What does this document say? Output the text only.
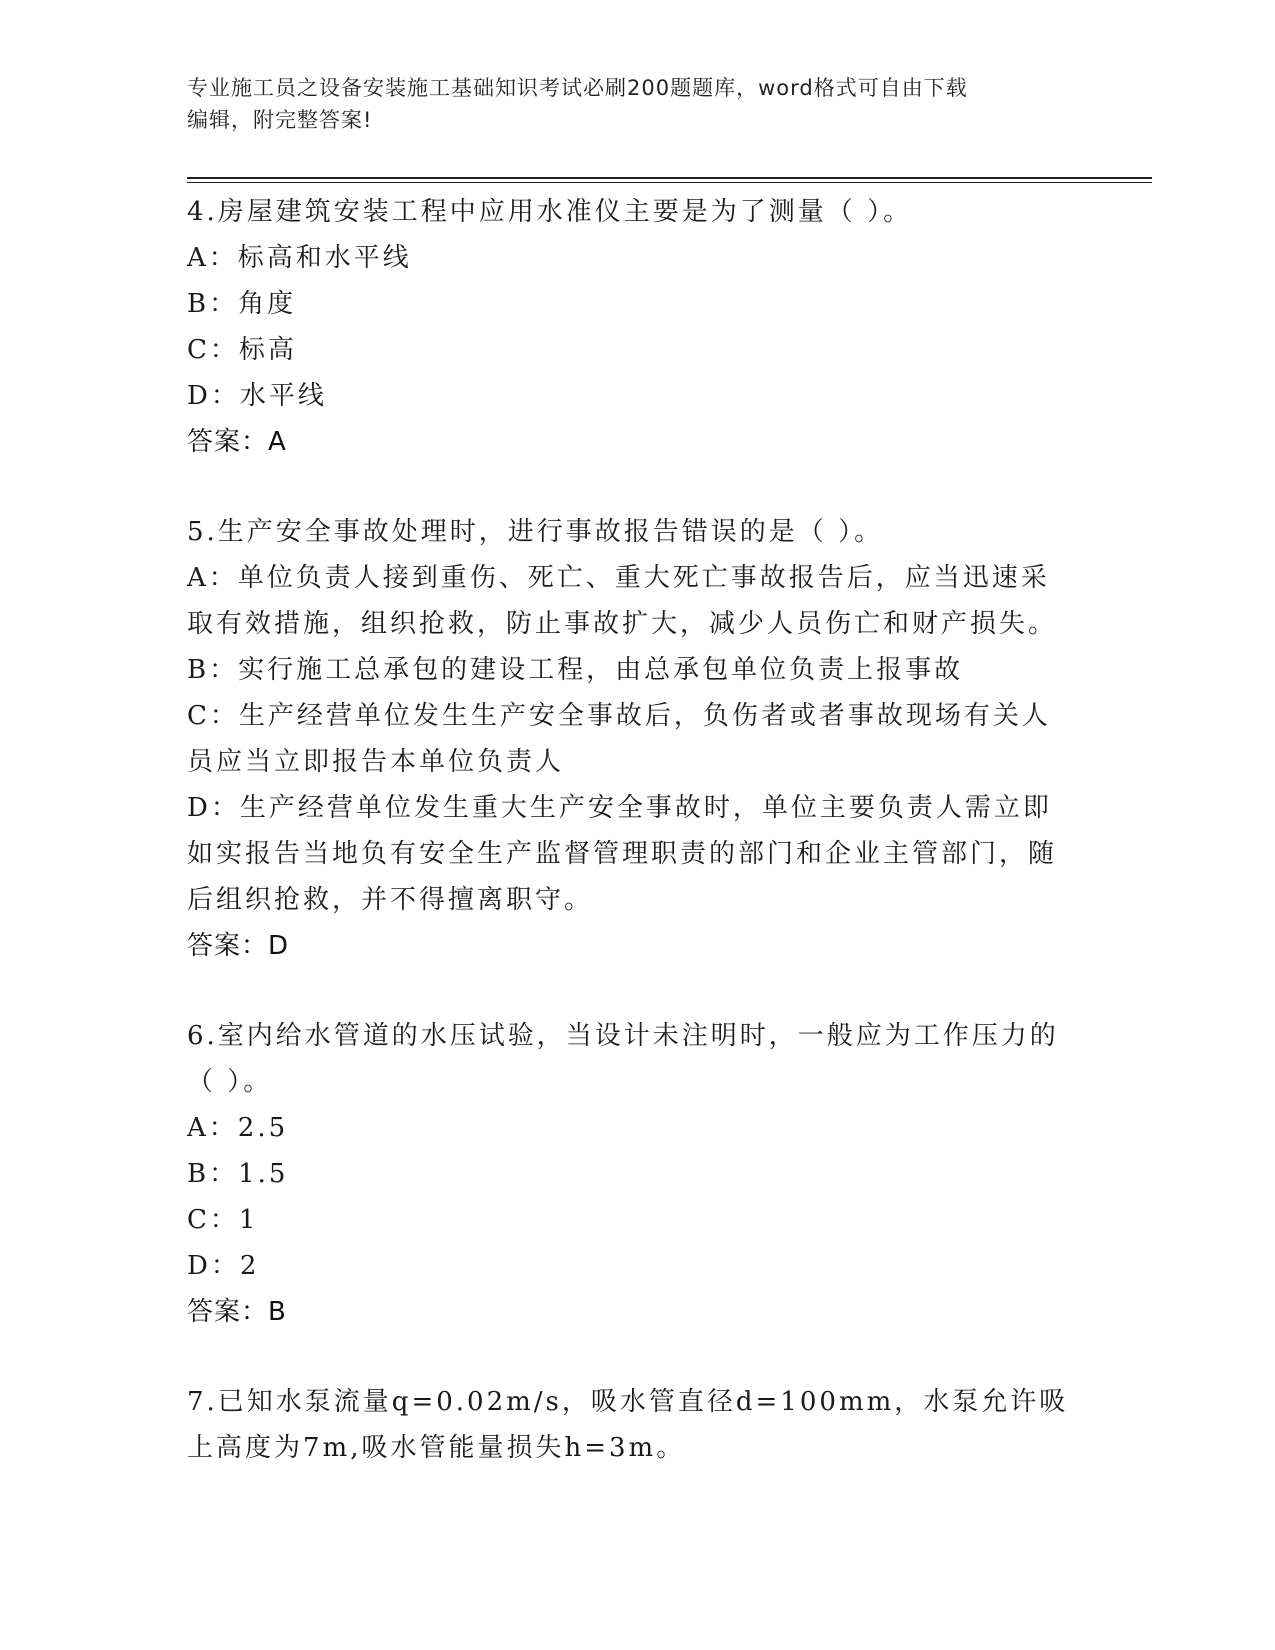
专业施工员之设备安装施工基础知识考试必刷200题题库，word格式可自由下载
编辑，附完整答案!
4.房屋建筑安装工程中应用水准仪主要是为了测量（ ）。
A：标高和水平线
B：角度
C：标高
D：水平线
答案：A
5.生产安全事故处理时，进行事故报告错误的是（ ）。
A：单位负责人接到重伤、死亡、重大死亡事故报告后，应当迅速采取有效措施，组织抢救，防止事故扩大，减少人员伤亡和财产损失。
B：实行施工总承包的建设工程，由总承包单位负责上报事故
C：生产经营单位发生生产安全事故后，负伤者或者事故现场有关人员应当立即报告本单位负责人
D：生产经营单位发生重大生产安全事故时，单位主要负责人需立即如实报告当地负有安全生产监督管理职责的部门和企业主管部门，随后组织抢救，并不得擅离职守。
答案：D
6.室内给水管道的水压试验，当设计未注明时，一般应为工作压力的（ ）。
A：2.5
B：1.5
C：1
D：2
答案：B
7.已知水泵流量q=0.02m/s，吸水管直径d=100mm，水泵允许吸上高度为7m,吸水管能量损失h=3m。
